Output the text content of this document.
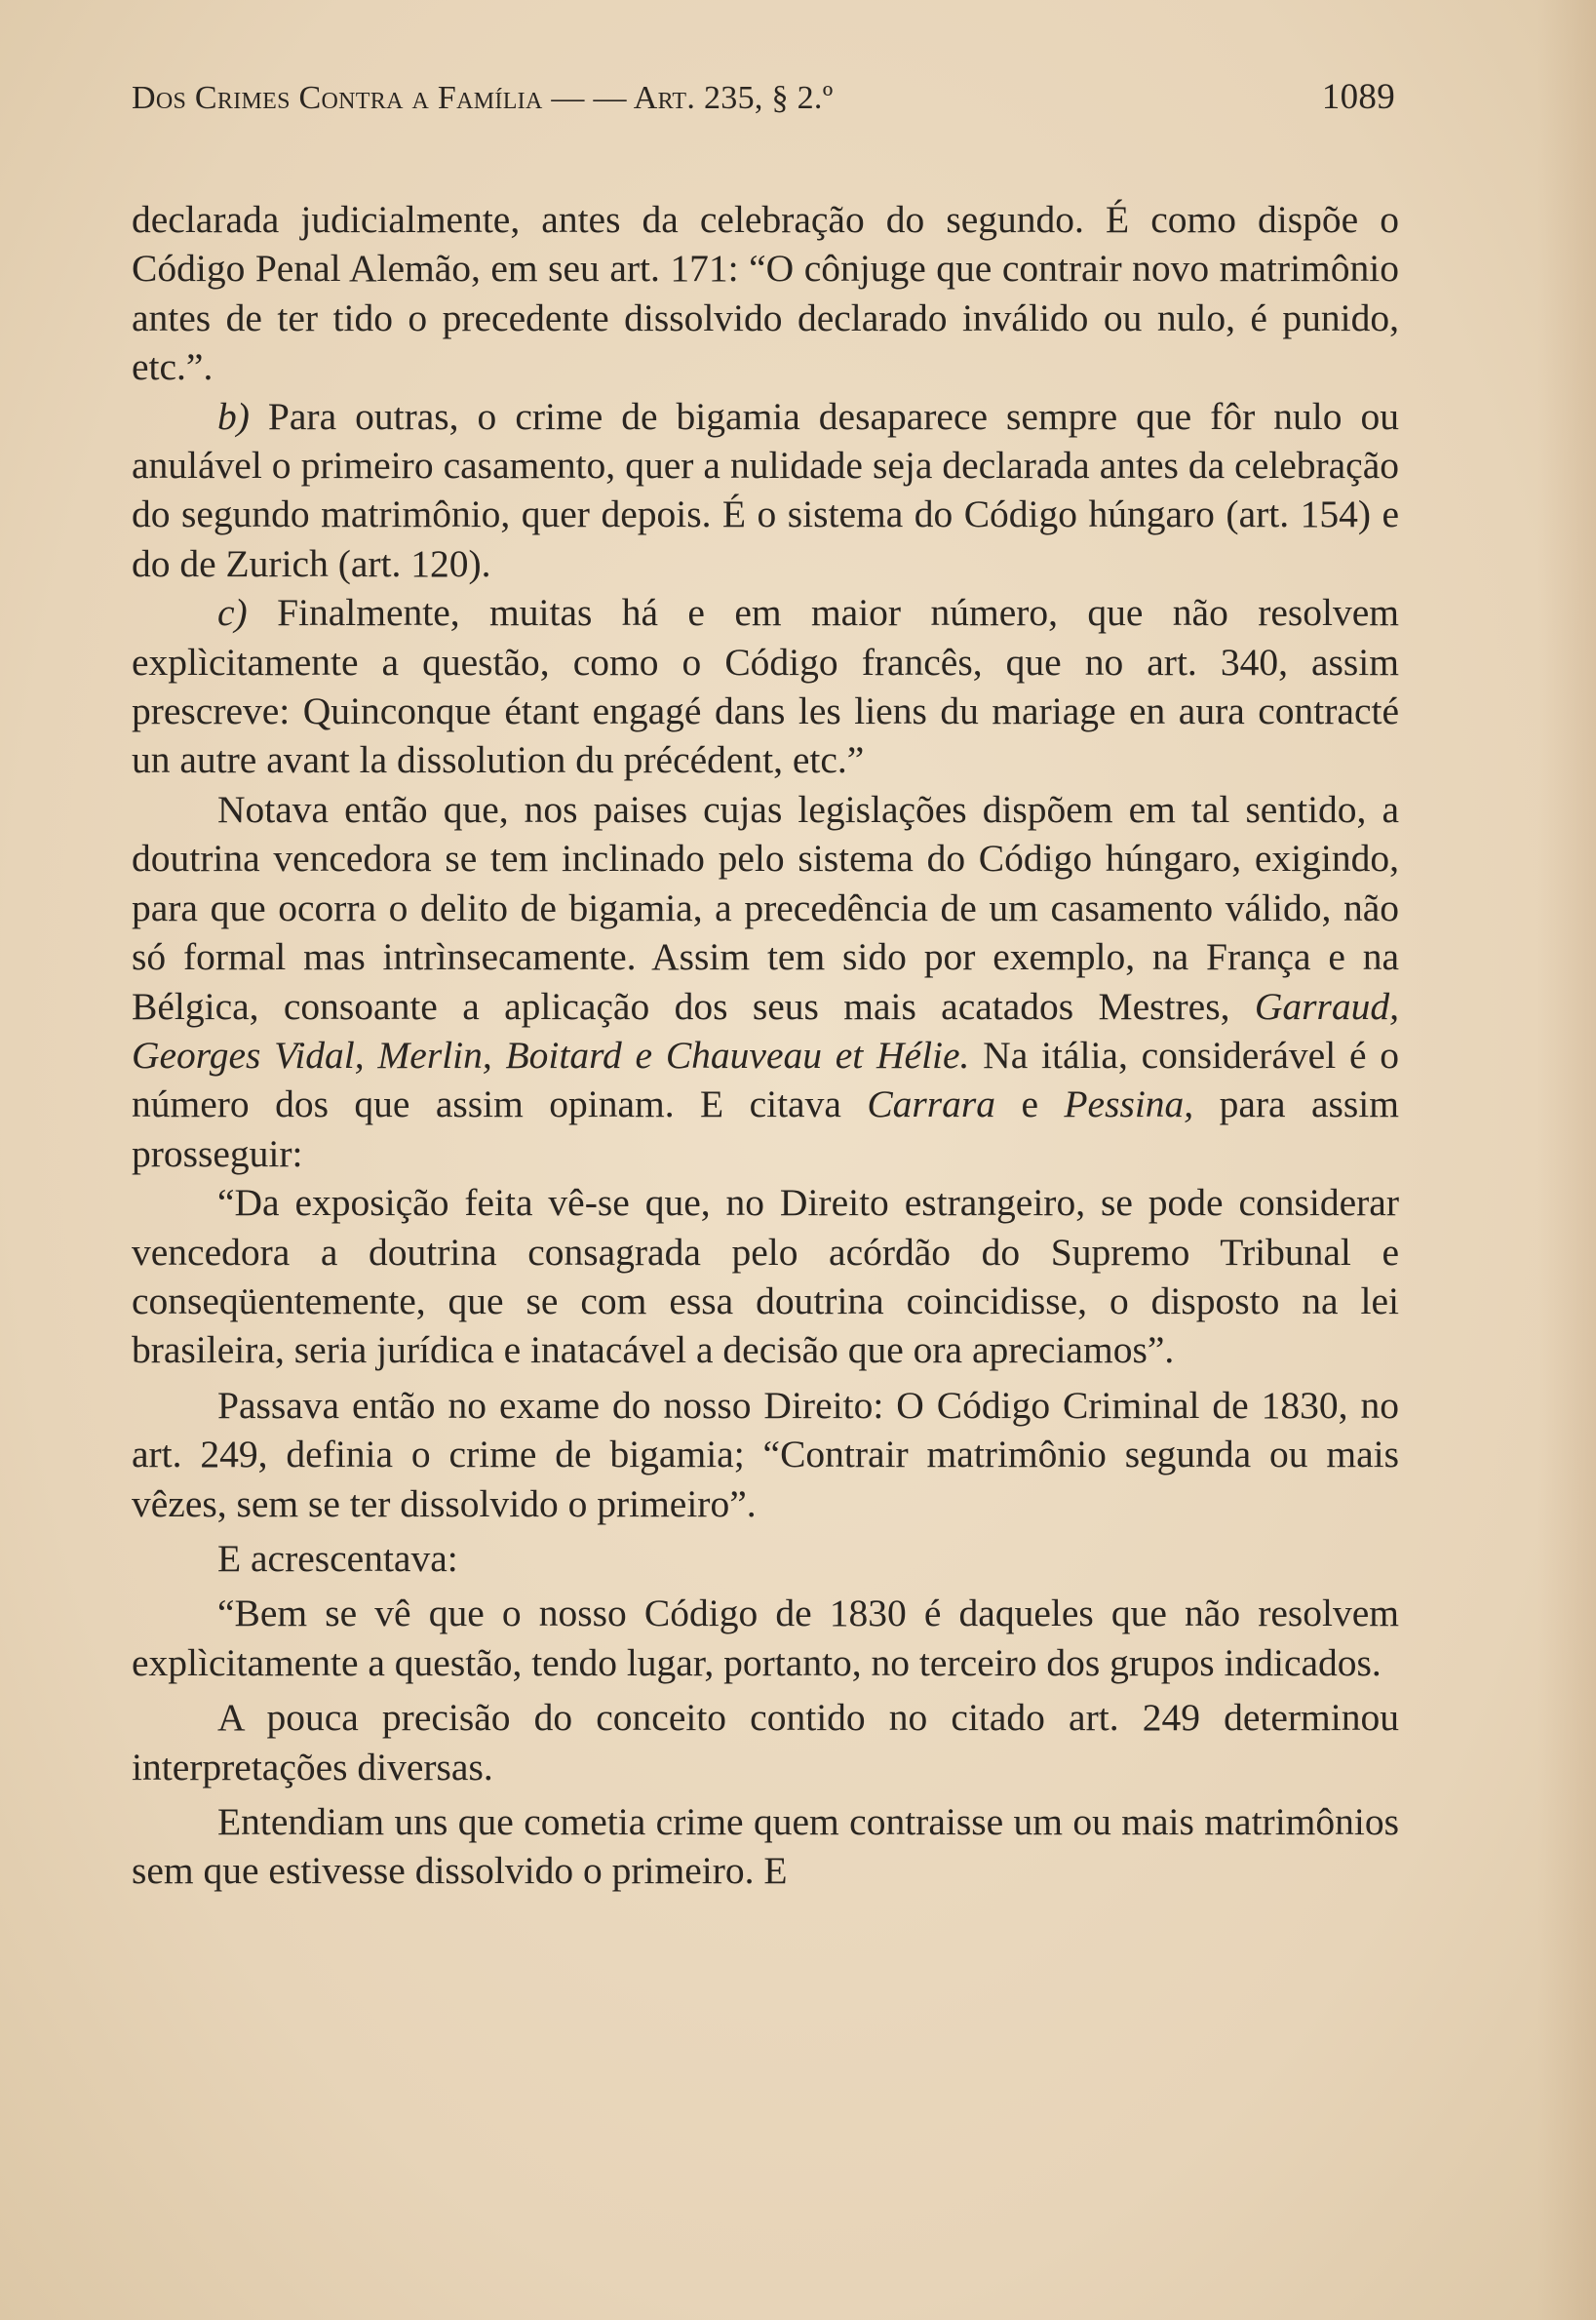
Dos Crimes Contra a Família — — Art. 235, § 2.º	1089

declarada judicialmente, antes da celebração do segundo. É como dispõe o Código Penal Alemão, em seu art. 171: “O cônjuge que contrair novo matrimônio antes de ter tido o precedente dissolvido declarado inválido ou nulo, é punido, etc.”.

b) Para outras, o crime de bigamia desaparece sempre que fôr nulo ou anulável o primeiro casamento, quer a nulidade seja declarada antes da celebração do segundo matrimônio, quer depois. É o sistema do Código húngaro (art. 154) e do de Zurich (art. 120).

c) Finalmente, muitas há e em maior número, que não resolvem explìcitamente a questão, como o Código francês, que no art. 340, assim prescreve: Quinconque étant engagé dans les liens du mariage en aura contracté un autre avant la dissolution du précédent, etc.”

Notava então que, nos paises cujas legislações dispõem em tal sentido, a doutrina vencedora se tem inclinado pelo sistema do Código húngaro, exigindo, para que ocorra o delito de bigamia, a precedência de um casamento válido, não só formal mas intrìnsecamente. Assim tem sido por exemplo, na França e na Bélgica, consoante a aplicação dos seus mais acatados Mestres, Garraud, Georges Vidal, Merlin, Boitard e Chauveau et Hélie. Na itália, considerável é o número dos que assim opinam. E citava Carrara e Pessina, para assim prosseguir:

“Da exposição feita vê-se que, no Direito estrangeiro, se pode considerar vencedora a doutrina consagrada pelo acórdão do Supremo Tribunal e conseqüentemente, que se com essa doutrina coincidisse, o disposto na lei brasileira, seria jurídica e inatacável a decisão que ora apreciamos”.

Passava então no exame do nosso Direito: O Código Criminal de 1830, no art. 249, definia o crime de bigamia; “Contrair matrimônio segunda ou mais vêzes, sem se ter dissolvido o primeiro”.

E acrescentava:

“Bem se vê que o nosso Código de 1830 é daqueles que não resolvem explìcitamente a questão, tendo lugar, portanto, no terceiro dos grupos indicados.

A pouca precisão do conceito contido no citado art. 249 determinou interpretações diversas.

Entendiam uns que cometia crime quem contraisse um ou mais matrimônios sem que estivesse dissolvido o primeiro. E
